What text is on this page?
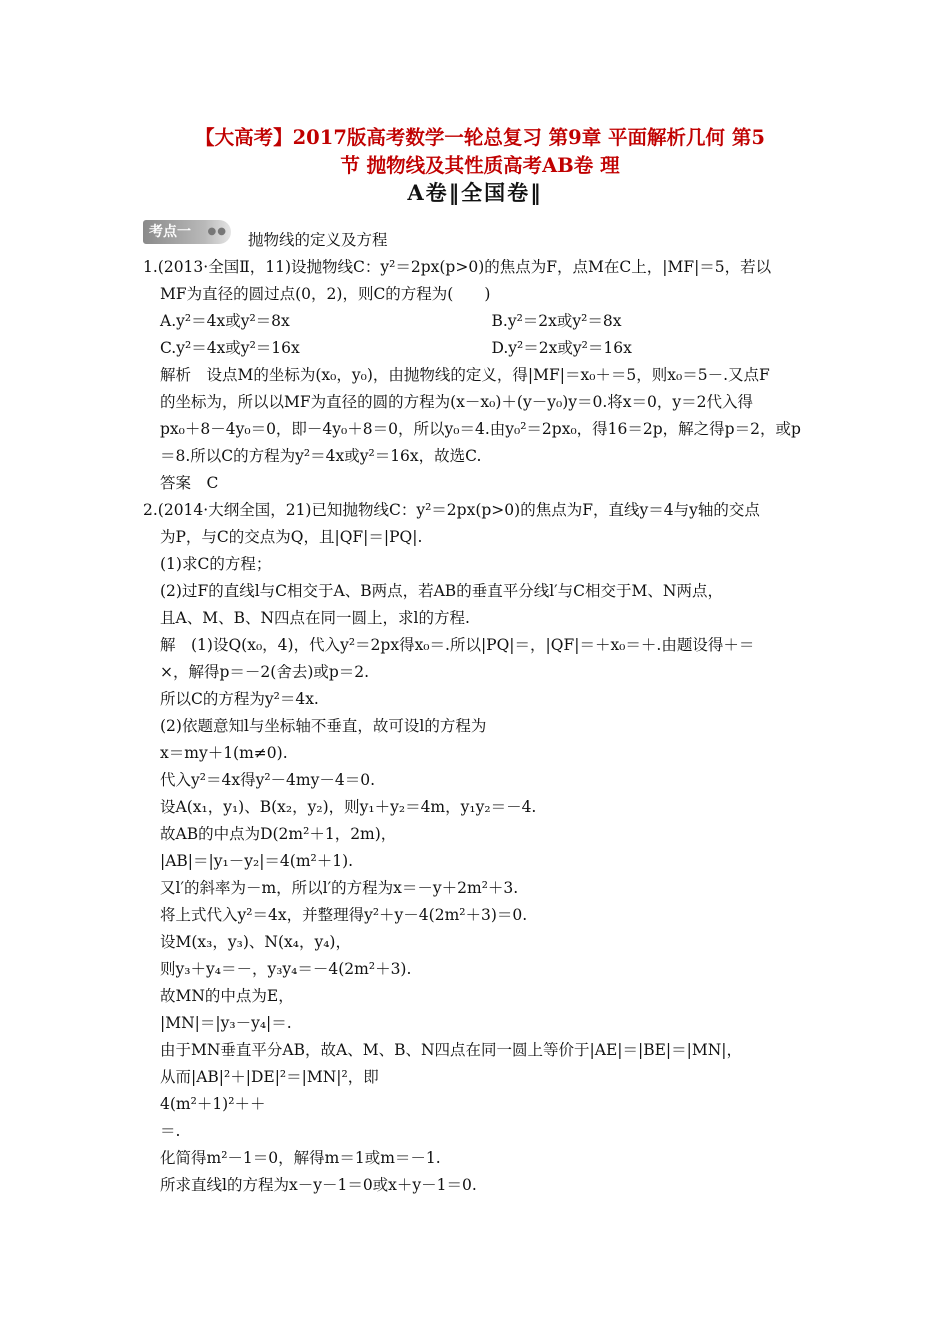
【大高考】2017版高考数学一轮总复习 第9章 平面解析几何 第5
节 抛物线及其性质高考AB卷 理
A卷‖全国卷‖
考点一 ●● 抛物线的定义及方程
1.(2013·全国Ⅱ，11)设抛物线C：y²＝2px(p>0)的焦点为F，点M在C上，|MF|＝5，若以
MF为直径的圆过点(0，2)，则C的方程为(　　)
A.y²＝4x或y²＝8x	B.y²＝2x或y²＝8x
C.y²＝4x或y²＝16x	D.y²＝2x或y²＝16x
解析　设点M的坐标为(x₀，y₀)，由抛物线的定义，得|MF|＝x₀＋＝5，则x₀＝5－.又点F
的坐标为，所以以MF为直径的圆的方程为(x－x₀)＋(y－y₀)y＝0.将x＝0，y＝2代入得
px₀＋8－4y₀＝0，即－4y₀＋8＝0，所以y₀＝4.由y₀²＝2px₀，得16＝2p，解之得p＝2，或p
＝8.所以C的方程为y²＝4x或y²＝16x，故选C.
答案　C
2.(2014·大纲全国，21)已知抛物线C：y²＝2px(p>0)的焦点为F，直线y＝4与y轴的交点
为P，与C的交点为Q，且|QF|＝|PQ|.
(1)求C的方程；
(2)过F的直线l与C相交于A、B两点，若AB的垂直平分线l′与C相交于M、N两点，
且A、M、B、N四点在同一圆上，求l的方程.
解　(1)设Q(x₀，4)，代入y²＝2px得x₀＝.所以|PQ|＝，|QF|＝＋x₀＝＋.由题设得＋＝
×，解得p＝－2(舍去)或p＝2.
所以C的方程为y²＝4x.
(2)依题意知l与坐标轴不垂直，故可设l的方程为
x＝my＋1(m≠0).
代入y²＝4x得y²－4my－4＝0.
设A(x₁，y₁)、B(x₂，y₂)，则y₁＋y₂＝4m，y₁y₂＝－4.
故AB的中点为D(2m²＋1，2m)，
|AB|＝|y₁－y₂|＝4(m²＋1).
又l′的斜率为－m，所以l′的方程为x＝－y＋2m²＋3.
将上式代入y²＝4x，并整理得y²＋y－4(2m²＋3)＝0.
设M(x₃，y₃)、N(x₄，y₄)，
则y₃＋y₄＝－，y₃y₄＝－4(2m²＋3).
故MN的中点为E，
|MN|＝|y₃－y₄|＝.
由于MN垂直平分AB，故A、M、B、N四点在同一圆上等价于|AE|＝|BE|＝|MN|，
从而|AB|²＋|DE|²＝|MN|²，即
4(m²＋1)²＋＋
＝.
化简得m²－1＝0，解得m＝1或m＝－1.
所求直线l的方程为x－y－1＝0或x＋y－1＝0.
